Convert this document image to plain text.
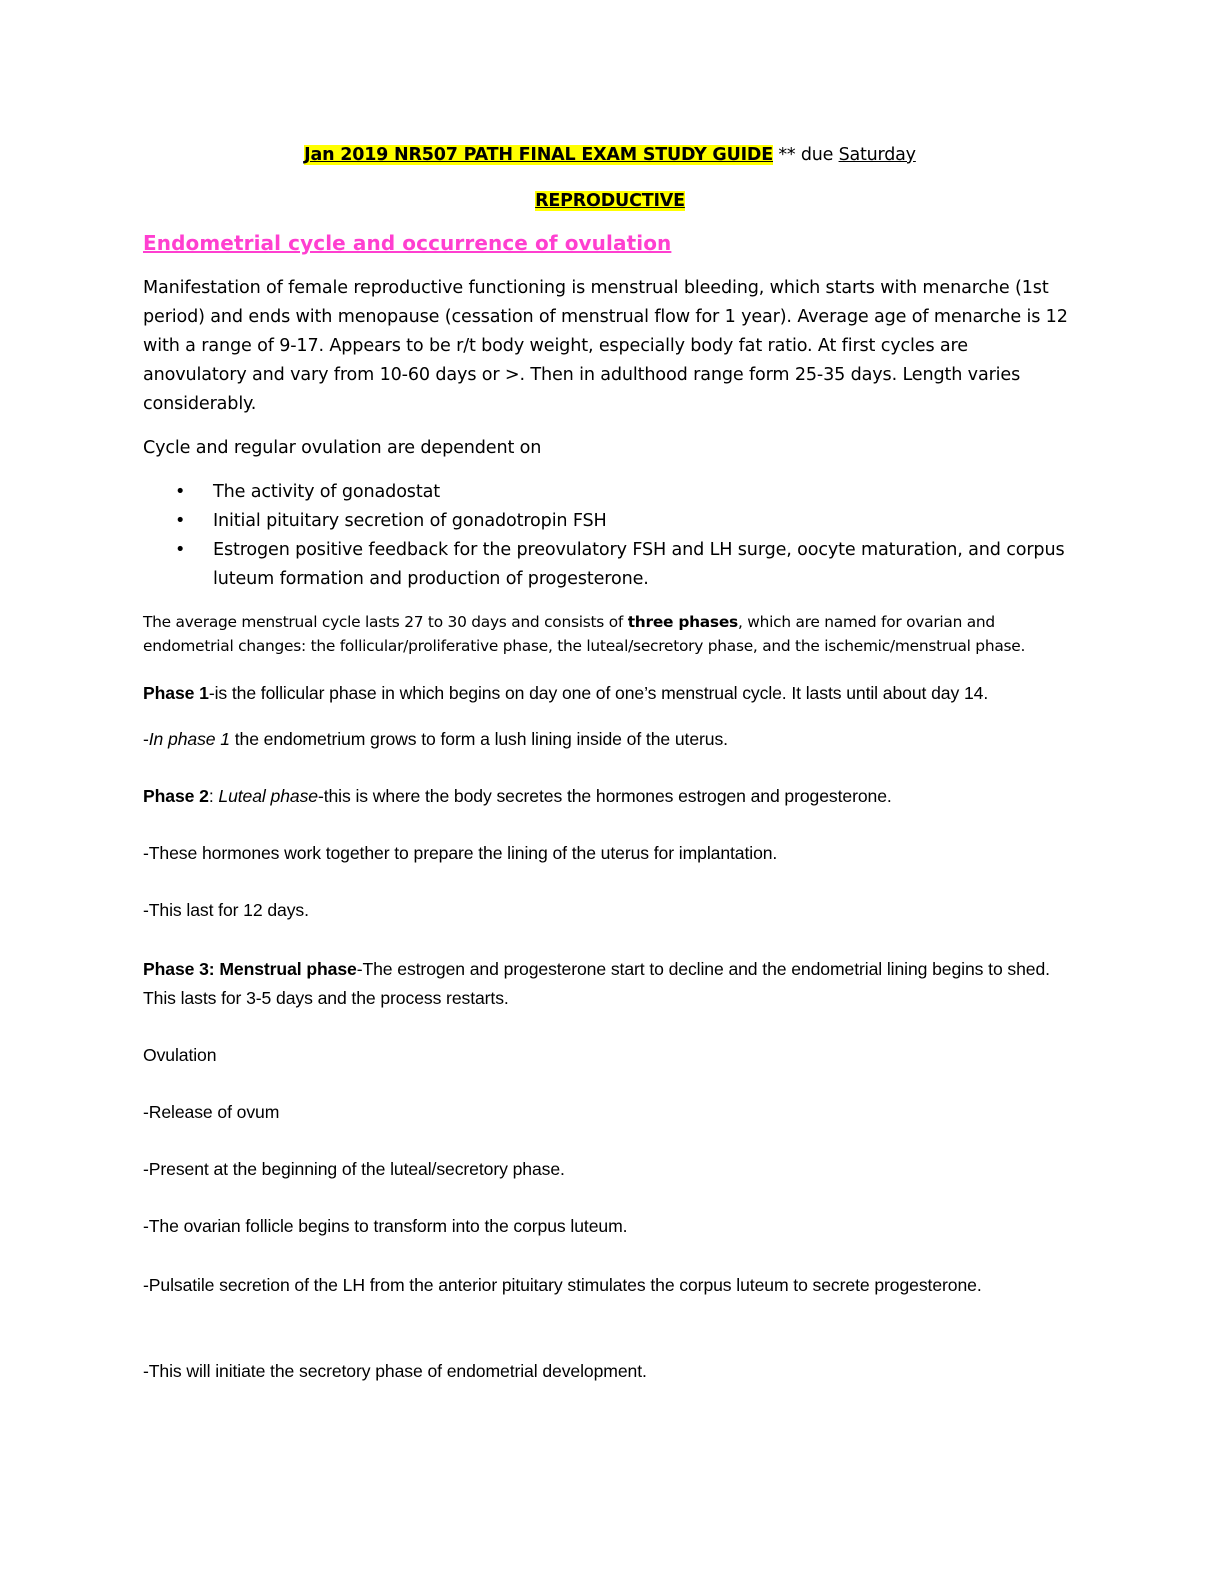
Jan 2019 NR507 PATH FINAL EXAM STUDY GUIDE ** due Saturday
REPRODUCTIVE
Endometrial cycle and occurrence of ovulation
Manifestation of female reproductive functioning is menstrual bleeding, which starts with menarche (1st period) and ends with menopause (cessation of menstrual flow for 1 year). Average age of menarche is 12 with a range of 9-17. Appears to be r/t body weight, especially body fat ratio. At first cycles are anovulatory and vary from 10-60 days or >. Then in adulthood range form 25-35 days. Length varies considerably.
Cycle and regular ovulation are dependent on
• The activity of gonadostat
• Initial pituitary secretion of gonadotropin FSH
• Estrogen positive feedback for the preovulatory FSH and LH surge, oocyte maturation, and corpus luteum formation and production of progesterone.
The average menstrual cycle lasts 27 to 30 days and consists of three phases, which are named for ovarian and endometrial changes: the follicular/proliferative phase, the luteal/secretory phase, and the ischemic/menstrual phase.
Phase 1-is the follicular phase in which begins on day one of one’s menstrual cycle. It lasts until about day 14.
-In phase 1 the endometrium grows to form a lush lining inside of the uterus.
Phase 2: Luteal phase-this is where the body secretes the hormones estrogen and progesterone.
-These hormones work together to prepare the lining of the uterus for implantation.
-This last for 12 days.
Phase 3: Menstrual phase-The estrogen and progesterone start to decline and the endometrial lining begins to shed. This lasts for 3-5 days and the process restarts.
Ovulation
-Release of ovum
-Present at the beginning of the luteal/secretory phase.
-The ovarian follicle begins to transform into the corpus luteum.
-Pulsatile secretion of the LH from the anterior pituitary stimulates the corpus luteum to secrete progesterone.
-This will initiate the secretory phase of endometrial development.
